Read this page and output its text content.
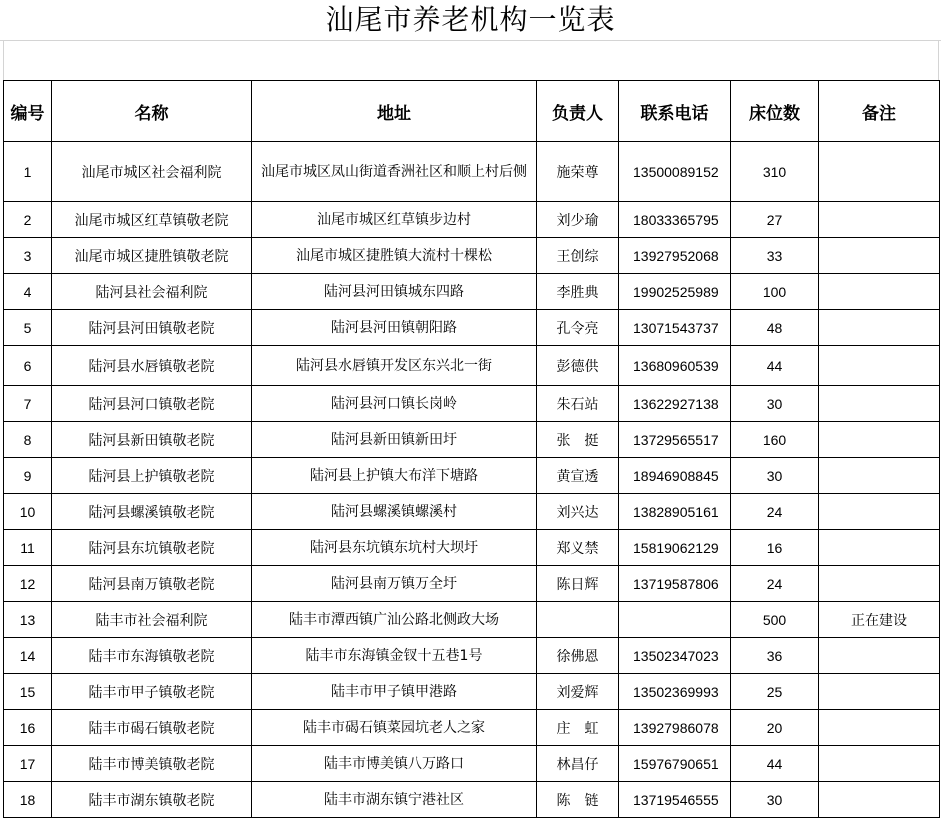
汕尾市养老机构一览表
编号	名称	地址	负责人	联系电话	床位数	备注
1	汕尾市城区社会福利院	汕尾市城区凤山街道香洲社区和顺上村后侧	施荣尊	13500089152	310	
2	汕尾市城区红草镇敬老院	汕尾市城区红草镇步边村	刘少瑜	18033365795	27	
3	汕尾市城区捷胜镇敬老院	汕尾市城区捷胜镇大流村十棵松	王创综	13927952068	33	
4	陆河县社会福利院	陆河县河田镇城东四路	李胜典	19902525989	100	
5	陆河县河田镇敬老院	陆河县河田镇朝阳路	孔令亮	13071543737	48	
6	陆河县水唇镇敬老院	陆河县水唇镇开发区东兴北一街	彭德供	13680960539	44	
7	陆河县河口镇敬老院	陆河县河口镇长岗岭	朱石站	13622927138	30	
8	陆河县新田镇敬老院	陆河县新田镇新田圩	张　挺	13729565517	160	
9	陆河县上护镇敬老院	陆河县上护镇大布洋下塘路	黄宣透	18946908845	30	
10	陆河县螺溪镇敬老院	陆河县螺溪镇螺溪村	刘兴达	13828905161	24	
11	陆河县东坑镇敬老院	陆河县东坑镇东坑村大坝圩	郑义禁	15819062129	16	
12	陆河县南万镇敬老院	陆河县南万镇万全圩	陈日辉	13719587806	24	
13	陆丰市社会福利院	陆丰市潭西镇广汕公路北侧政大场			500	正在建设
14	陆丰市东海镇敬老院	陆丰市东海镇金钗十五巷1号	徐佛恩	13502347023	36	
15	陆丰市甲子镇敬老院	陆丰市甲子镇甲港路	刘爱辉	13502369993	25	
16	陆丰市碣石镇敬老院	陆丰市碣石镇菜园坑老人之家	庄　虹	13927986078	20	
17	陆丰市博美镇敬老院	陆丰市博美镇八万路口	林昌仔	15976790651	44	
18	陆丰市湖东镇敬老院	陆丰市湖东镇宁港社区	陈　链	13719546555	30	
